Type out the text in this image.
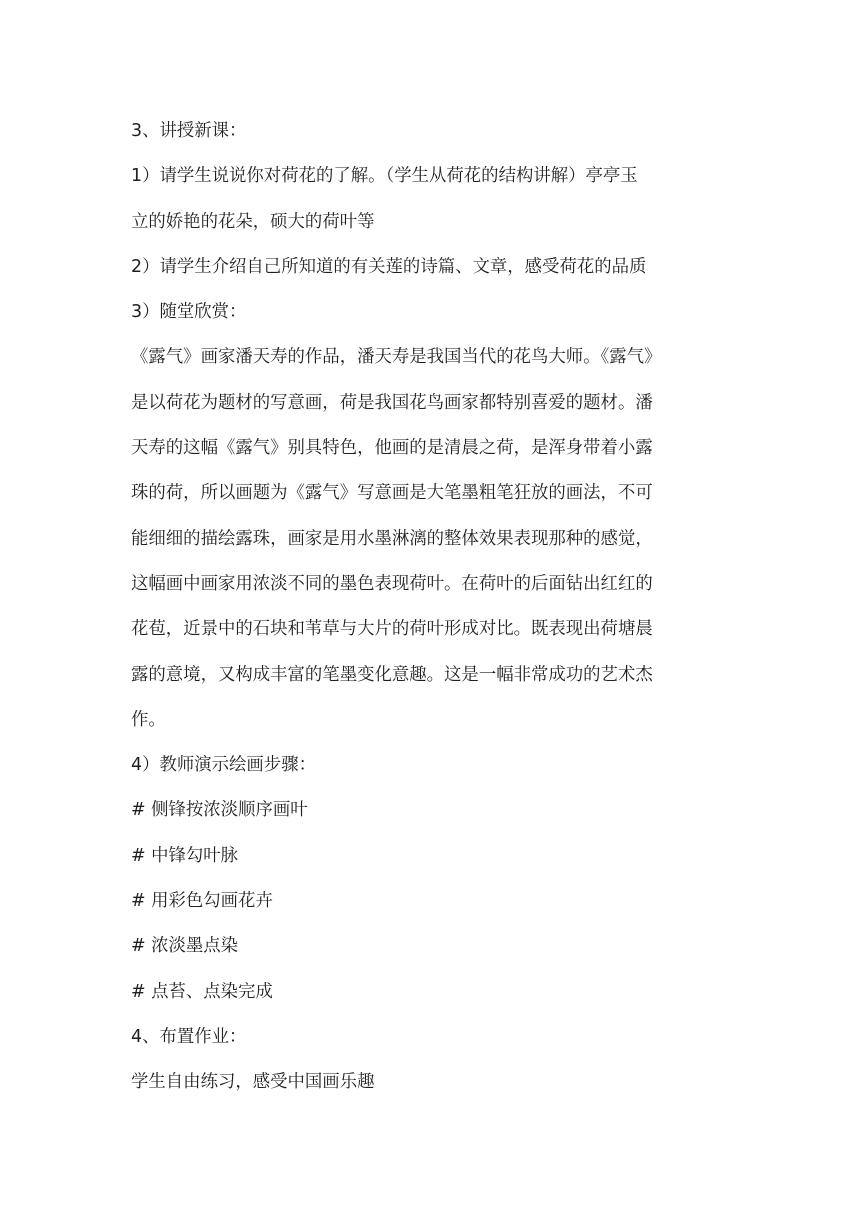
3、讲授新课：
1）请学生说说你对荷花的了解。（学生从荷花的结构讲解）亭亭玉
立的娇艳的花朵，硕大的荷叶等
2）请学生介绍自己所知道的有关莲的诗篇、文章，感受荷花的品质
3）随堂欣赏：
《露气》画家潘天寿的作品，潘天寿是我国当代的花鸟大师。《露气》
是以荷花为题材的写意画，荷是我国花鸟画家都特别喜爱的题材。潘
天寿的这幅《露气》别具特色，他画的是清晨之荷，是浑身带着小露
珠的荷，所以画题为《露气》写意画是大笔墨粗笔狂放的画法，不可
能细细的描绘露珠，画家是用水墨淋漓的整体效果表现那种的感觉，
这幅画中画家用浓淡不同的墨色表现荷叶。在荷叶的后面钻出红红的
花苞，近景中的石块和苇草与大片的荷叶形成对比。既表现出荷塘晨
露的意境，又构成丰富的笔墨变化意趣。这是一幅非常成功的艺术杰
作。
4）教师演示绘画步骤：
# 侧锋按浓淡顺序画叶
# 中锋勾叶脉
# 用彩色勾画花卉
# 浓淡墨点染
# 点苔、点染完成
4、布置作业：
学生自由练习，感受中国画乐趣
